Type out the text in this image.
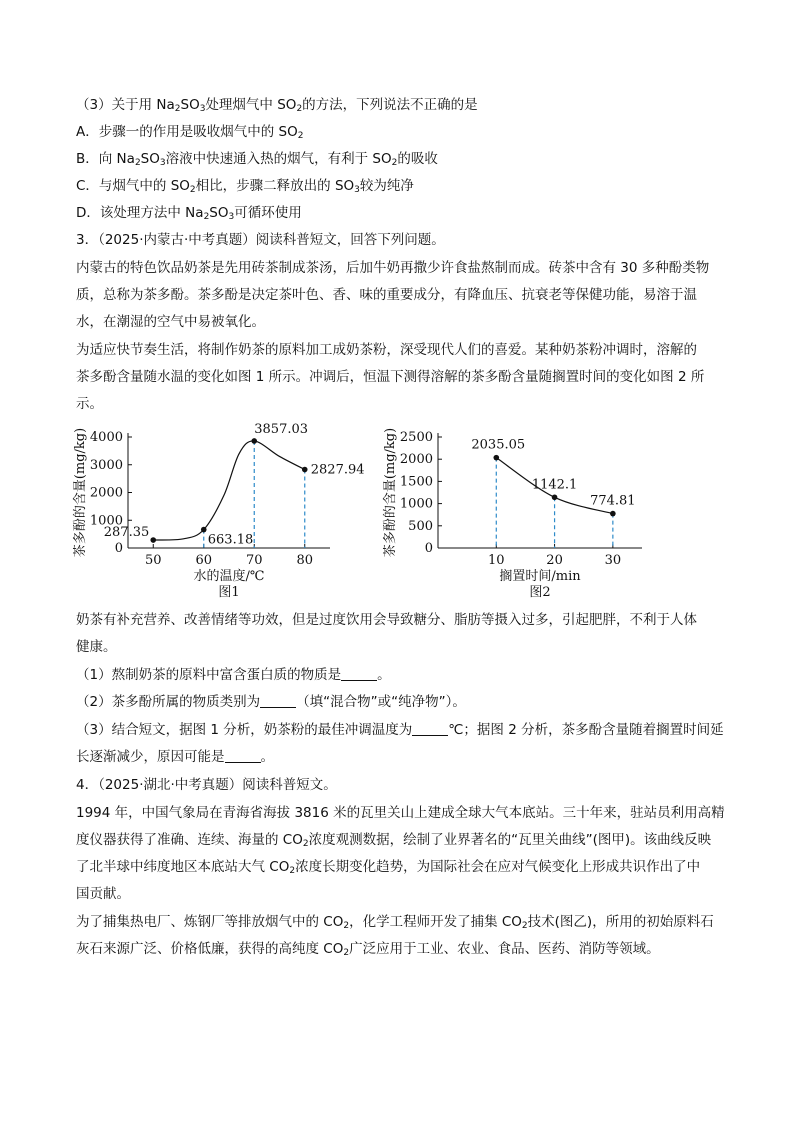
（3）关于用 $Na_2SO_3$处理烟气中 $SO_2$的方法，下列说法不正确的是
A．步骤一的作用是吸收烟气中的 $SO_2$
B．向 $Na_2SO_3$溶液中快速通入热的烟气，有利于 $SO_2$的吸收
C．与烟气中的 $SO_2$相比，步骤二释放出的 $SO_3$较为纯净
D．该处理方法中 $Na_2SO_3$可循环使用
3．（2025·内蒙古·中考真题）阅读科普短文，回答下列问题。
内蒙古的特色饮品奶茶是先用砖茶制成茶汤，后加牛奶再撒少许食盐熬制而成。砖茶中含有 30 多种酚类物
质，总称为茶多酚。茶多酚是决定茶叶色、香、味的重要成分，有降血压、抗衰老等保健功能，易溶于温
水，在潮湿的空气中易被氧化。
为适应快节奏生活，将制作奶茶的原料加工成奶茶粉，深受现代人们的喜爱。某种奶茶粉冲调时，溶解的
茶多酚含量随水温的变化如图 1 所示。冲调后，恒温下测得溶解的茶多酚含量随搁置时间的变化如图 2 所
示。
0
1000
2000
3000
4000
50	60	70	80
287.35
663.18
3857.03
2827.94
水的温度/℃
图1
茶多酚的含量(mg/kg)	0
500
1000
1500
2000
2500
10	20	30
2035.05
1142.1
774.81
搁置时间/min
图2
茶多酚的含量(mg/kg)
奶茶有补充营养、改善情绪等功效，但是过度饮用会导致糖分、脂肪等摄入过多，引起肥胖，不利于人体
健康。
（1）熬制奶茶的原料中富含蛋白质的物质是	。
（2）茶多酚所属的物质类别为	（填“混合物”或“纯净物”）。
（3）结合短文，据图 1 分析，奶茶粉的最佳冲调温度为	℃；据图 2 分析，茶多酚含量随着搁置时间延
长逐渐减少，原因可能是	。
4．（2025·湖北·中考真题）阅读科普短文。
1994 年，中国气象局在青海省海拔 3816 米的瓦里关山上建成全球大气本底站。三十年来，驻站员利用高精
度仪器获得了准确、连续、海量的 $CO_2$浓度观测数据，绘制了业界著名的“瓦里关曲线”(图甲)。该曲线反映
了北半球中纬度地区本底站大气 $CO_2$浓度长期变化趋势，为国际社会在应对气候变化上形成共识作出了中
国贡献。
为了捕集热电厂、炼钢厂等排放烟气中的 $CO_2$，化学工程师开发了捕集 $CO_2$技术(图乙)，所用的初始原料石
灰石来源广泛、价格低廉，获得的高纯度 $CO_2$广泛应用于工业、农业、食品、医药、消防等领域。
